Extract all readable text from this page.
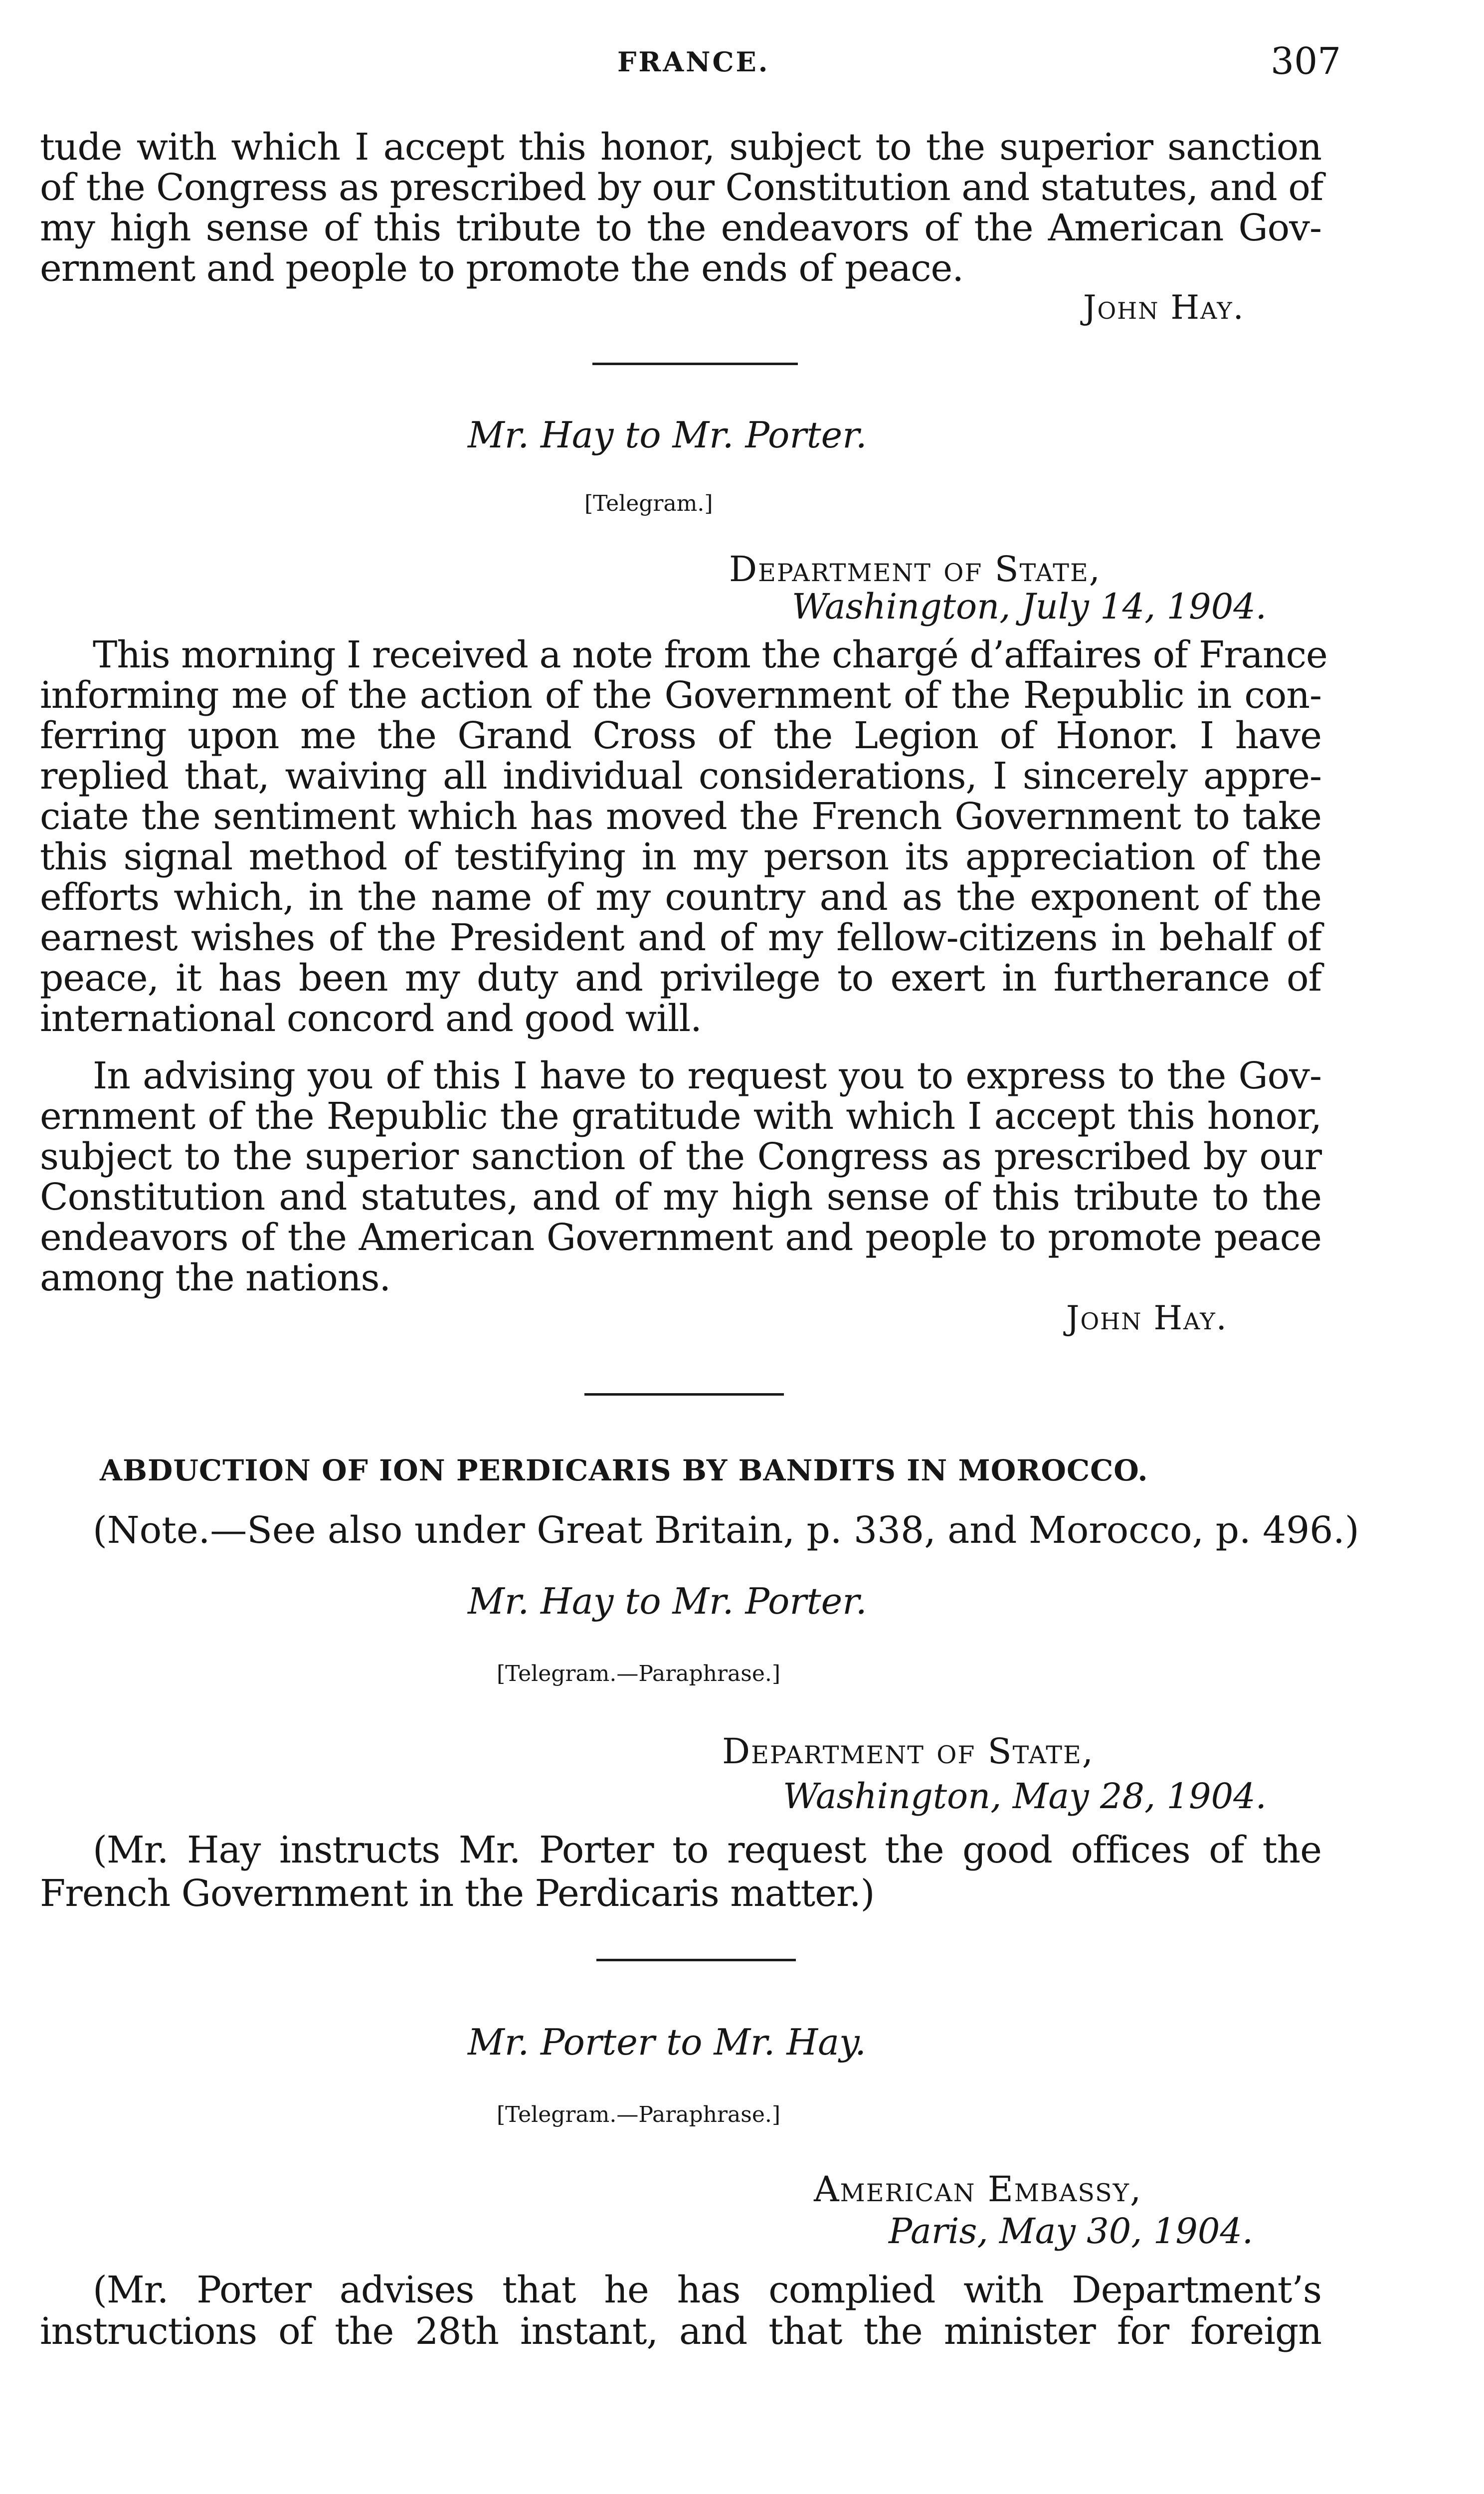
FRANCE.	307

tude with which I accept this honor, subject to the superior sanction

of the Congress as prescribed by our Constitution and statutes, and of

my high sense of this tribute to the endeavors of the American Gov-

ernment and people to promote the ends of peace.

John Hay.
Mr. Hay to Mr. Porter.
[Telegram.]
Department of State,
Washington, July 14, 1904.

This morning I received a note from the chargé d’affaires of France

informing me of the action of the Government of the Republic in con-

ferring upon me the Grand Cross of the Legion of Honor. I have

replied that, waiving all individual considerations, I sincerely appre-

ciate the sentiment which has moved the French Government to take

this signal method of testifying in my person its appreciation of the

efforts which, in the name of my country and as the exponent of the

earnest wishes of the President and of my fellow-citizens in behalf of

peace, it has been my duty and privilege to exert in furtherance of

international concord and good will.

In advising you of this I have to request you to express to the Gov-

ernment of the Republic the gratitude with which I accept this honor,

subject to the superior sanction of the Congress as prescribed by our

Constitution and statutes, and of my high sense of this tribute to the

endeavors of the American Government and people to promote peace

among the nations.

John Hay.
ABDUCTION OF ION PERDICARIS BY BANDITS IN MOROCCO.
(Note.—See also under Great Britain, p. 338, and Morocco, p. 496.)
Mr. Hay to Mr. Porter.
[Telegram.—Paraphrase.]
Department of State,
Washington, May 28, 1904.

(Mr. Hay instructs Mr. Porter to request the good offices of the

French Government in the Perdicaris matter.)

Mr. Porter to Mr. Hay.
[Telegram.—Paraphrase.]
American Embassy,
Paris, May 30, 1904.

(Mr. Porter advises that he has complied with Department’s

instructions of the 28th instant, and that the minister for foreign
